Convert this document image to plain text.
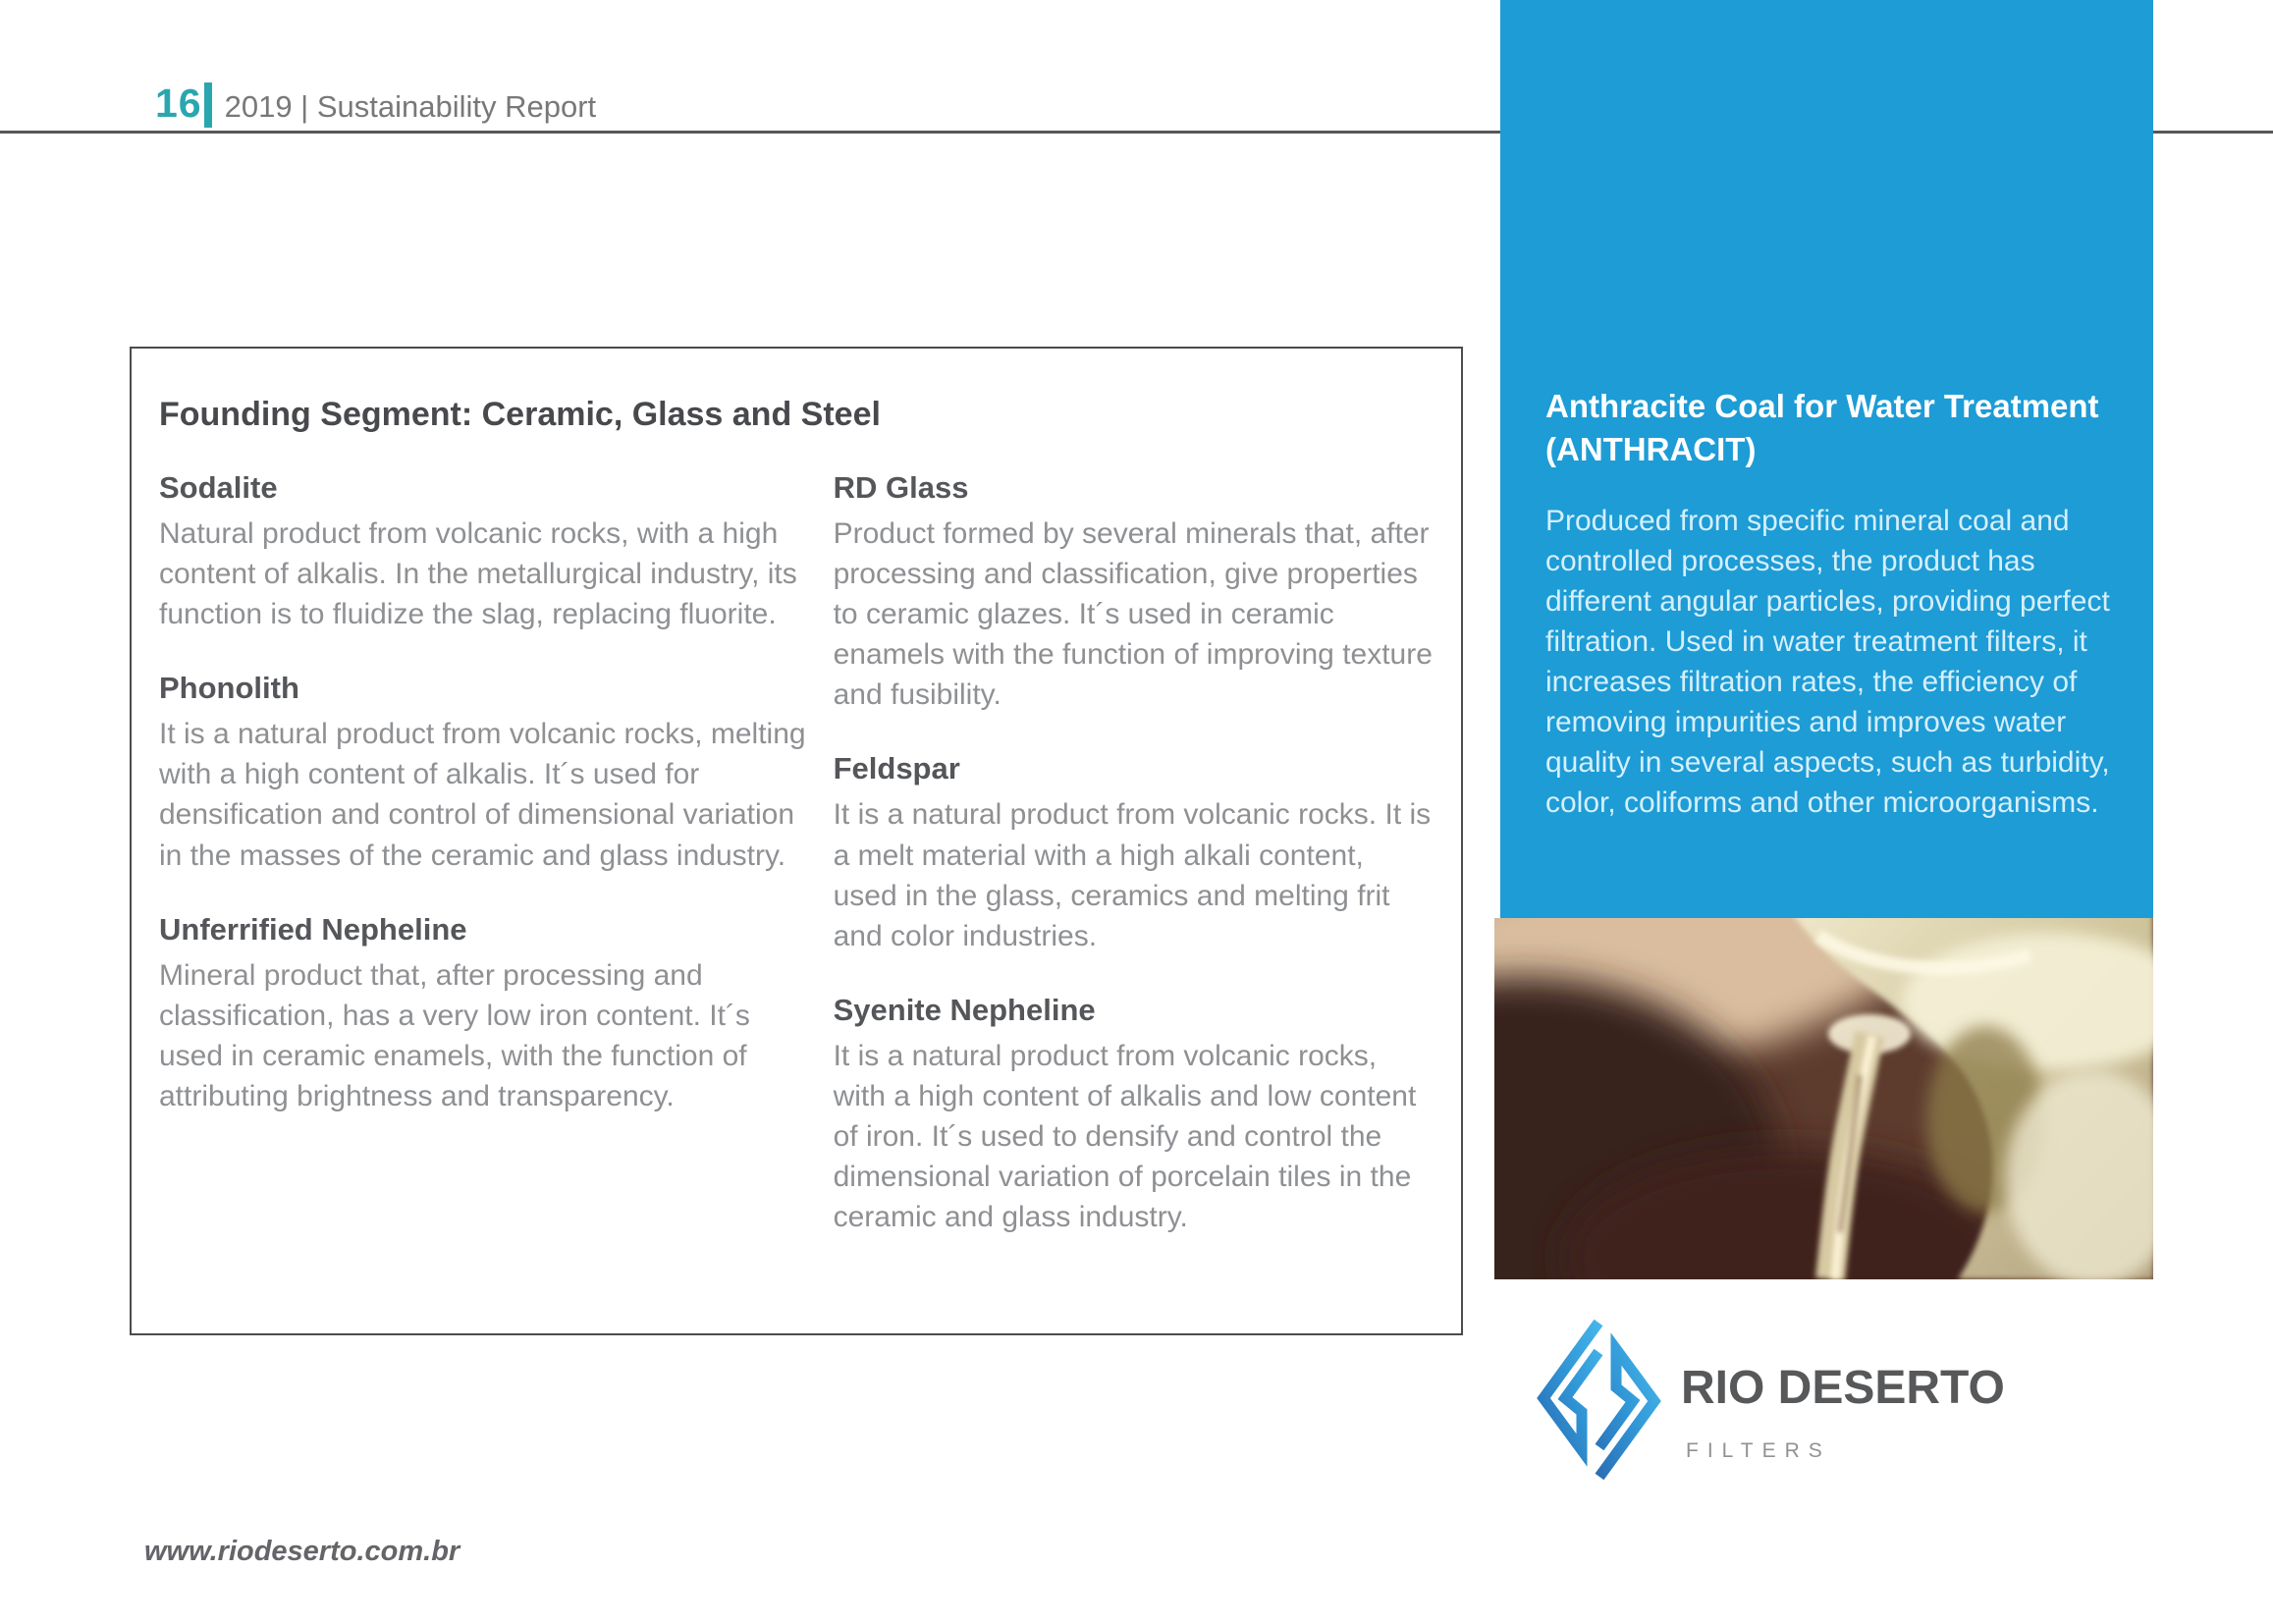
16 2019 | Sustainability Report
Founding Segment: Ceramic, Glass and Steel
Sodalite

Natural product from volcanic rocks, with a high content of alkalis. In the metallurgical industry, its function is to fluidize the slag, replacing fluorite.

Phonolith

It is a natural product from volcanic rocks, melting with a high content of alkalis. It´s used for densification and control of dimensional variation in the masses of the ceramic and glass industry.

Unferrified Nepheline

Mineral product that, after processing and classification, has a very low iron content. It´s used in ceramic enamels, with the function of attributing brightness and transparency.

RD Glass

Product formed by several minerals that, after processing and classification, give properties to ceramic glazes. It´s used in ceramic enamels with the function of improving texture and fusibility.

Feldspar

It is a natural product from volcanic rocks. It is a melt material with a high alkali content, used in the glass, ceramics and melting frit and color industries.

Syenite Nepheline

It is a natural product from volcanic rocks, with a high content of alkalis and low content of iron. It´s used to densify and control the dimensional variation of porcelain tiles in the ceramic and glass industry.

Anthracite Coal for Water Treatment
(ANTHRACIT)

Produced from specific mineral coal and controlled processes, the product has different angular particles, providing perfect filtration. Used in water treatment filters, it increases filtration rates, the efficiency of removing impurities and improves water quality in several aspects, such as turbidity, color, coliforms and other microorganisms.

RIO DESERTO
FILTERS
www.riodeserto.com.br
